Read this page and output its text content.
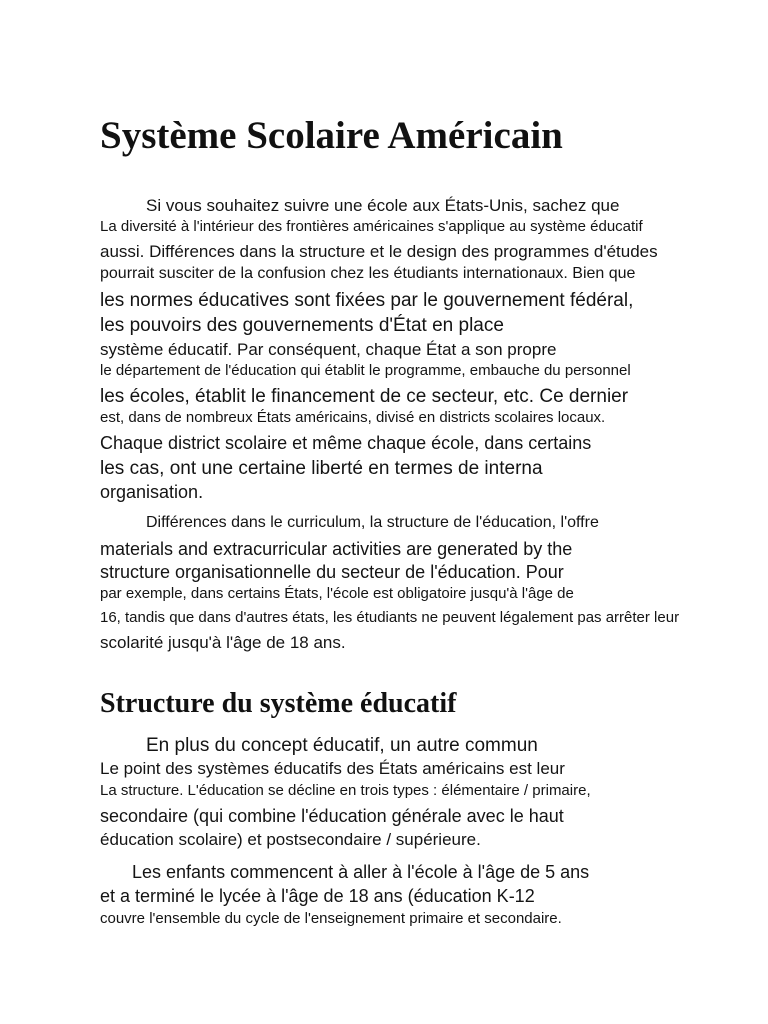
Système Scolaire Américain
Si vous souhaitez suivre une école aux États-Unis, sachez que
La diversité à l'intérieur des frontières américaines s'applique au système éducatif
aussi. Différences dans la structure et le design des programmes d'études
pourrait susciter de la confusion chez les étudiants internationaux. Bien que
les normes éducatives sont fixées par le gouvernement fédéral,
les pouvoirs des gouvernements d'État en place
système éducatif. Par conséquent, chaque État a son propre
le département de l'éducation qui établit le programme, embauche du personnel
les écoles, établit le financement de ce secteur, etc. Ce dernier
est, dans de nombreux États américains, divisé en districts scolaires locaux.
Chaque district scolaire et même chaque école, dans certains
les cas, ont une certaine liberté en termes de interna
organisation.
Différences dans le curriculum, la structure de l'éducation, l'offre
materials and extracurricular activities are generated by the
structure organisationnelle du secteur de l'éducation. Pour
par exemple, dans certains États, l'école est obligatoire jusqu'à l'âge de
16, tandis que dans d'autres états, les étudiants ne peuvent légalement pas arrêter leur
scolarité jusqu'à l'âge de 18 ans.
Structure du système éducatif
En plus du concept éducatif, un autre commun
Le point des systèmes éducatifs des États américains est leur
La structure. L'éducation se décline en trois types : élémentaire / primaire,
secondaire (qui combine l'éducation générale avec le haut
éducation scolaire) et postsecondaire / supérieure.
Les enfants commencent à aller à l'école à l'âge de 5 ans
et a terminé le lycée à l'âge de 18 ans (éducation K-12
couvre l'ensemble du cycle de l'enseignement primaire et secondaire.
